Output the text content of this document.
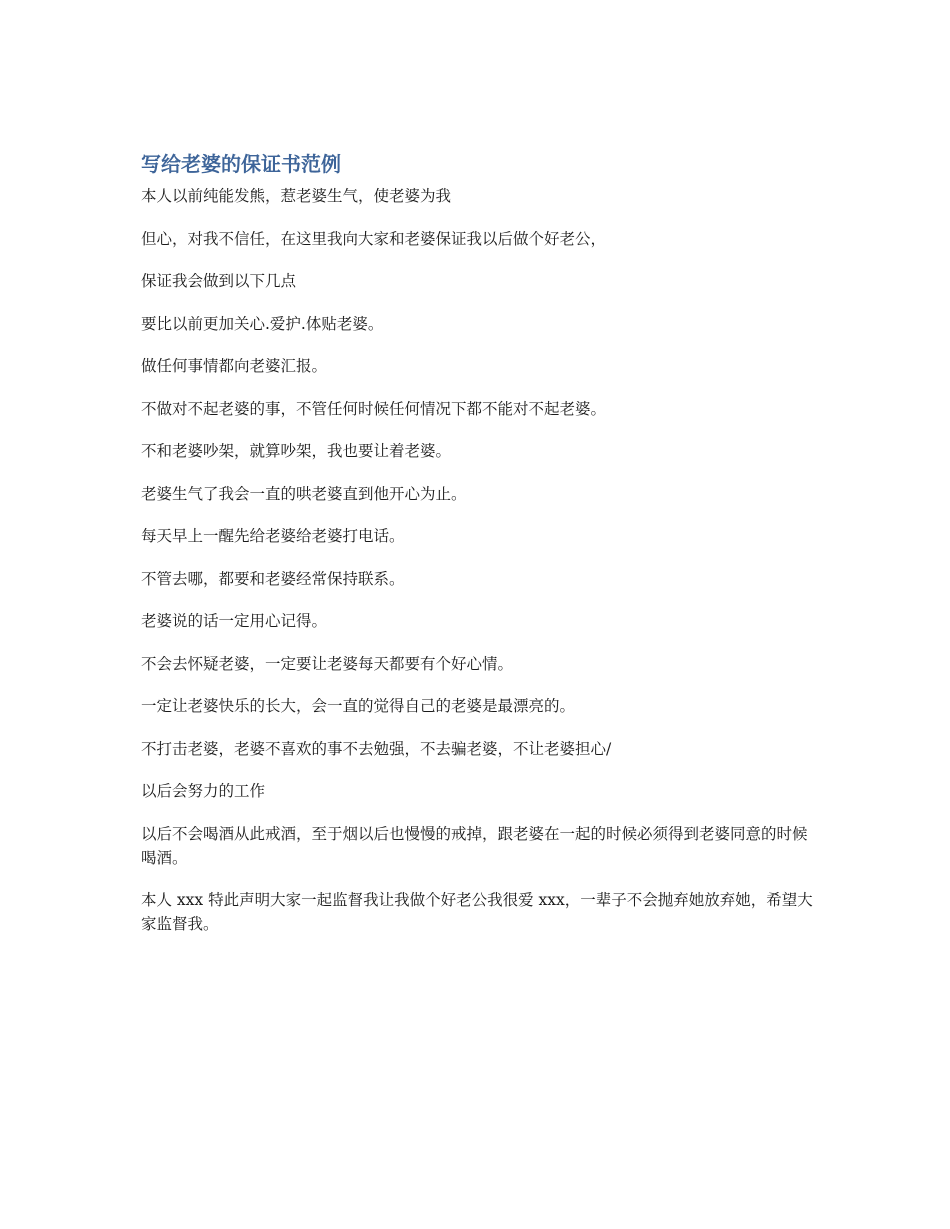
写给老婆的保证书范例

本人以前纯能发熊，惹老婆生气，使老婆为我

但心，对我不信任，在这里我向大家和老婆保证我以后做个好老公，

保证我会做到以下几点

要比以前更加关心.爱护.体贴老婆。

做任何事情都向老婆汇报。

不做对不起老婆的事，不管任何时候任何情况下都不能对不起老婆。

不和老婆吵架，就算吵架，我也要让着老婆。

老婆生气了我会一直的哄老婆直到他开心为止。

每天早上一醒先给老婆给老婆打电话。

不管去哪，都要和老婆经常保持联系。

老婆说的话一定用心记得。

不会去怀疑老婆，一定要让老婆每天都要有个好心情。

一定让老婆快乐的长大，会一直的觉得自己的老婆是最漂亮的。

不打击老婆，老婆不喜欢的事不去勉强，不去骗老婆，不让老婆担心/

以后会努力的工作

以后不会喝酒从此戒酒，至于烟以后也慢慢的戒掉，跟老婆在一起的时候必须得到老婆同意的时候喝酒。

本人 xxx 特此声明大家一起监督我让我做个好老公我很爱 xxx，一辈子不会抛弃她放弃她，希望大家监督我。
